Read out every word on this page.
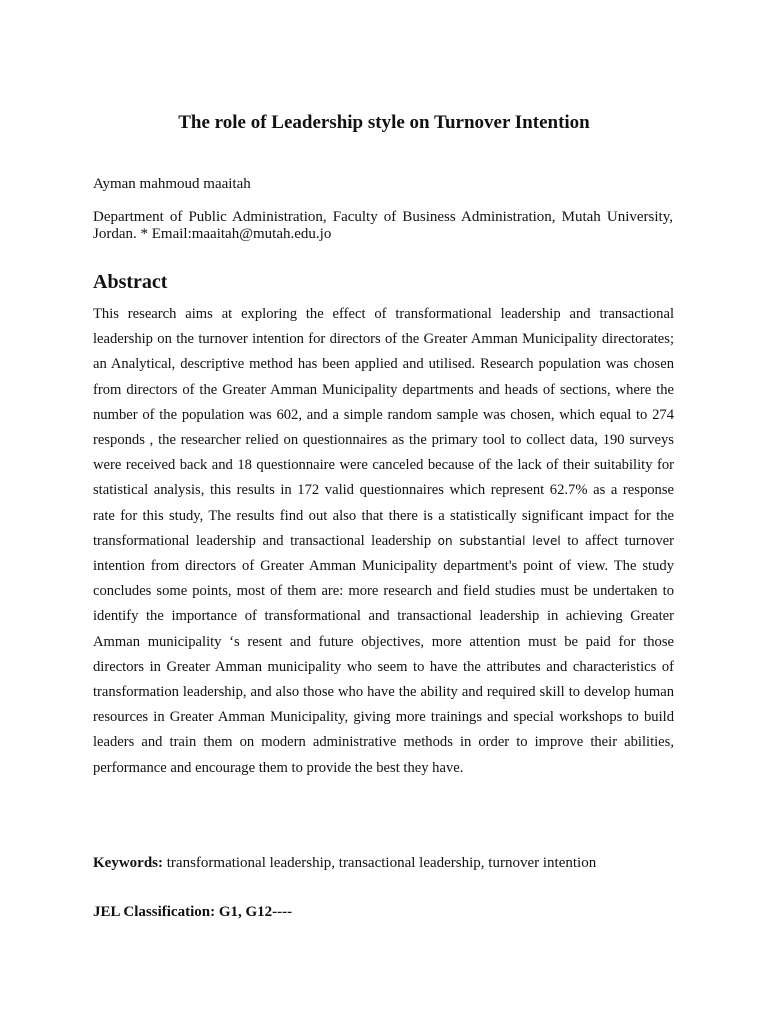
The role of Leadership style on Turnover Intention

Ayman mahmoud maaitah

Department of Public Administration, Faculty of Business Administration, Mutah University, Jordan. * Email:maaitah@mutah.edu.jo

Abstract

This research aims at exploring the effect of transformational leadership and transactional leadership on the turnover intention for directors of the Greater Amman Municipality directorates; an Analytical, descriptive method has been applied and utilised. Research population was chosen from directors of the Greater Amman Municipality departments and heads of sections, where the number of the population was 602, and a simple random sample was chosen, which equal to 274 responds , the researcher relied on questionnaires as the primary tool to collect data, 190 surveys were received back and 18 questionnaire were canceled because of the lack of their suitability for statistical analysis, this results in 172 valid questionnaires which represent 62.7% as a response rate for this study, The results find out also that there is a statistically significant impact for the transformational leadership and transactional leadership on substantial level to affect turnover intention from directors of Greater Amman Municipality department's point of view. The study concludes some points, most of them are: more research and field studies must be undertaken to identify the importance of transformational and transactional leadership in achieving Greater Amman municipality ‘s resent and future objectives, more attention must be paid for those directors in Greater Amman municipality who seem to have the attributes and characteristics of transformation leadership, and also those who have the ability and required skill to develop human resources in Greater Amman Municipality, giving more trainings and special workshops to build leaders and train them on modern administrative methods in order to improve their abilities, performance and encourage them to provide the best they have.

Keywords: transformational leadership, transactional leadership, turnover intention

JEL Classification: G1, G12----
